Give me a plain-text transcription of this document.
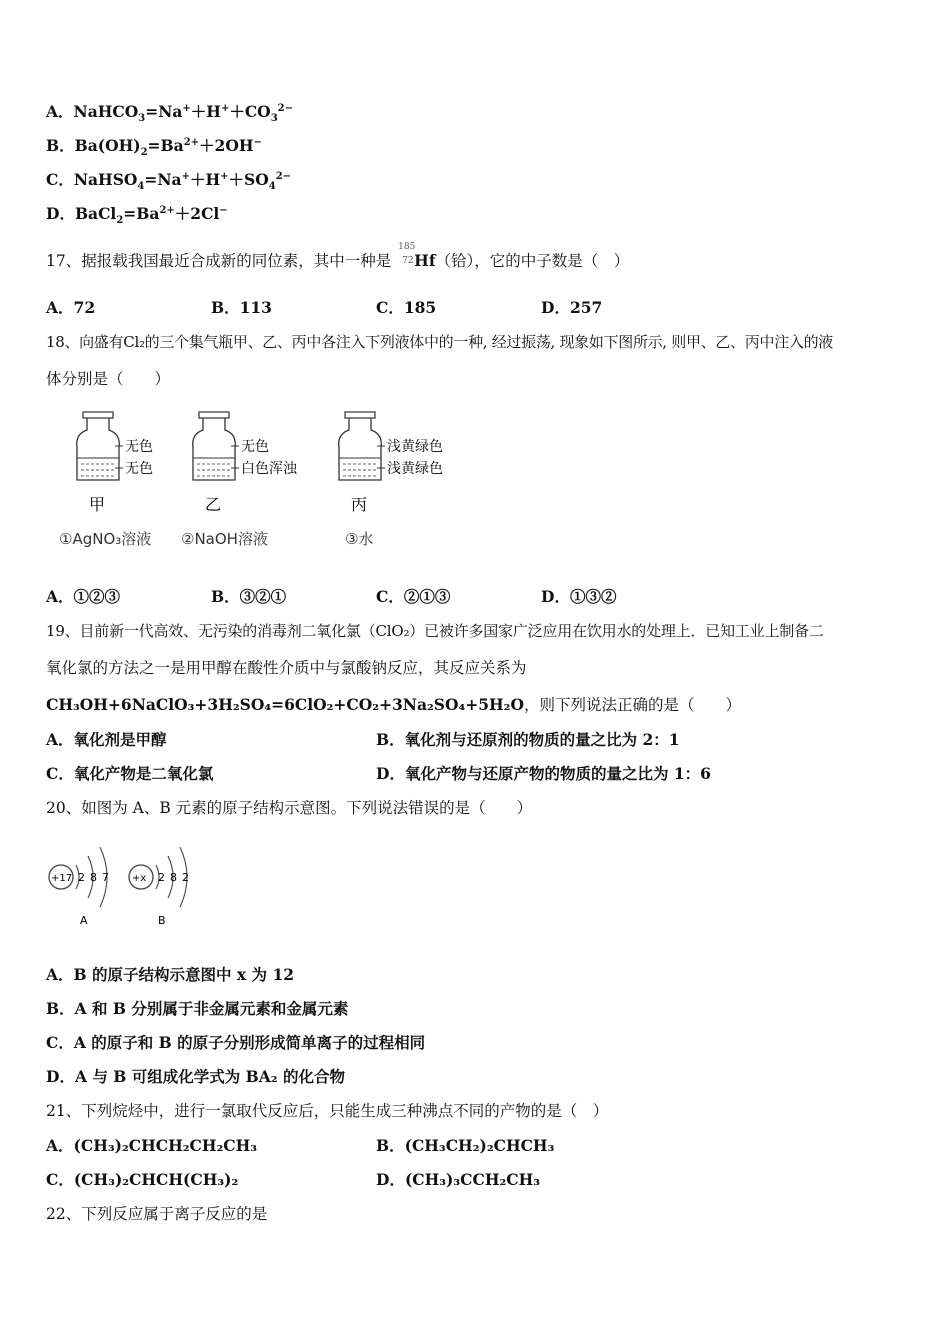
A．$NaHCO_3=Na^++H^++CO_3^{2-}$
B．$Ba(OH)_2=Ba^{2+}+2OH^-$
C．$NaHSO_4=Na^++H^++SO_4^{2-}$
D．$BaCl_2=Ba^{2+}+2Cl^-$
17、据报载我国最近合成新的同位素，其中一种是
185
72 Hf（铪），它的中子数是（　）
A．72	B．113	C．185	D．257
18、向盛有Cl₂的三个集气瓶甲、乙、丙中各注入下列液体中的一种, 经过振荡, 现象如下图所示, 则甲、乙、丙中注入的液
体分别是（　　）
无色
无色
甲
无色
白色浑浊
乙
浅黄绿色
浅黄绿色
丙
①AgNO₃溶液 ②NaOH溶液	③水
A．①②③	B．③②①	C．②①③	D．①③②
19、目前新一代高效、无污染的消毒剂二氧化氯（ClO₂）已被许多国家广泛应用在饮用水的处理上．已知工业上制备二
氧化氯的方法之一是用甲醇在酸性介质中与氯酸钠反应，其反应关系为
CH₃OH+6NaClO₃+3H₂SO₄=6ClO₂+CO₂+3Na₂SO₄+5H₂O，则下列说法正确的是（　　）
A．氧化剂是甲醇	B．氧化剂与还原剂的物质的量之比为 2：1
C．氧化产物是二氧化氯	D．氧化产物与还原产物的物质的量之比为 1：6
20、如图为 A、B 元素的原子结构示意图。下列说法错误的是（　　）
+17 2 8 7
A
+x 2 8 2
B
A．B 的原子结构示意图中 x 为 12
B．A 和 B 分别属于非金属元素和金属元素
C．A 的原子和 B 的原子分别形成简单离子的过程相同
D．A 与 B 可组成化学式为 BA₂ 的化合物
21、下列烷烃中，进行一氯取代反应后，只能生成三种沸点不同的产物的是（　）
A．(CH₃)₂CHCH₂CH₂CH₃	B．(CH₃CH₂)₂CHCH₃
C．(CH₃)₂CHCH(CH₃)₂	D．(CH₃)₃CCH₂CH₃
22、下列反应属于离子反应的是
